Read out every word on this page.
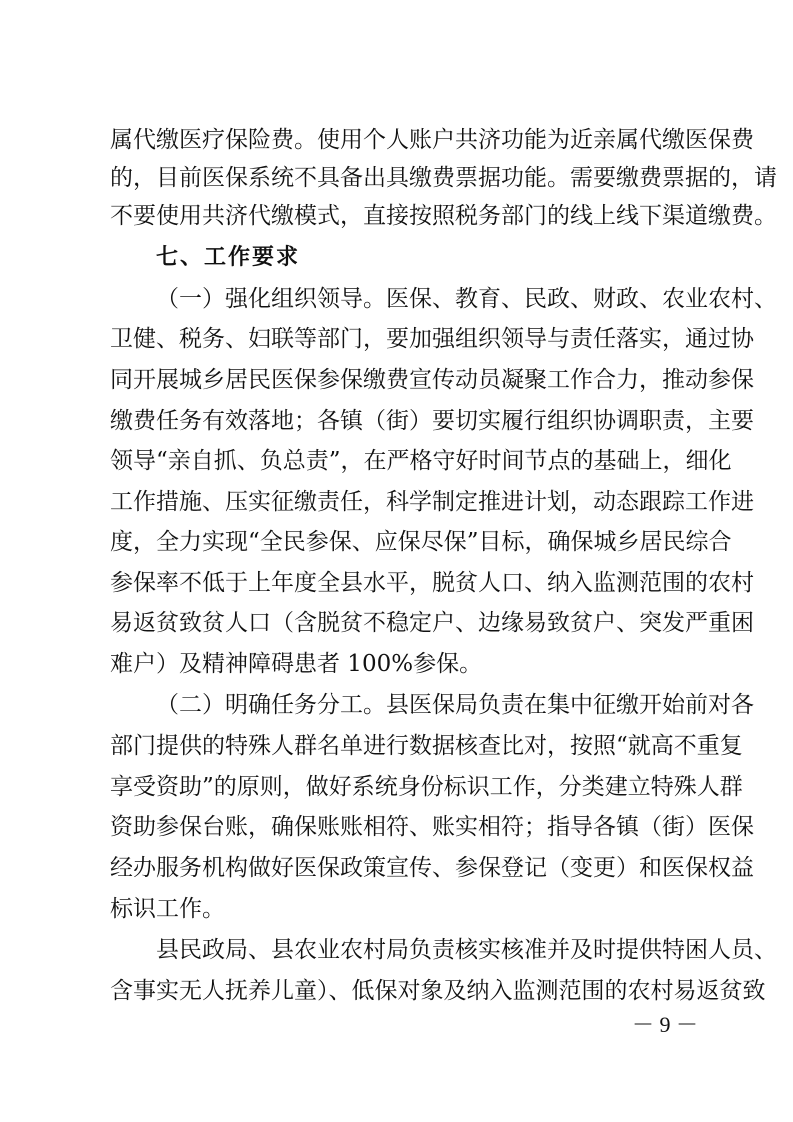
属代缴医疗保险费。使用个人账户共济功能为近亲属代缴医保费
的，目前医保系统不具备出具缴费票据功能。需要缴费票据的，请
不要使用共济代缴模式，直接按照税务部门的线上线下渠道缴费。
七、工作要求
（一）强化组织领导。医保、教育、民政、财政、农业农村、
卫健、税务、妇联等部门，要加强组织领导与责任落实，通过协
同开展城乡居民医保参保缴费宣传动员凝聚工作合力，推动参保
缴费任务有效落地；各镇（街）要切实履行组织协调职责，主要
领导“亲自抓、负总责”，在严格守好时间节点的基础上，细化
工作措施、压实征缴责任，科学制定推进计划，动态跟踪工作进
度，全力实现“全民参保、应保尽保”目标，确保城乡居民综合
参保率不低于上年度全县水平，脱贫人口、纳入监测范围的农村
易返贫致贫人口（含脱贫不稳定户、边缘易致贫户、突发严重困
难户）及精神障碍患者 100%参保。
（二）明确任务分工。县医保局负责在集中征缴开始前对各
部门提供的特殊人群名单进行数据核查比对，按照“就高不重复
享受资助”的原则，做好系统身份标识工作，分类建立特殊人群
资助参保台账，确保账账相符、账实相符；指导各镇（街）医保
经办服务机构做好医保政策宣传、参保登记（变更）和医保权益
标识工作。
县民政局、县农业农村局负责核实核准并及时提供特困人员、
含事实无人抚养儿童）、低保对象及纳入监测范围的农村易返贫致
－ 9 －
